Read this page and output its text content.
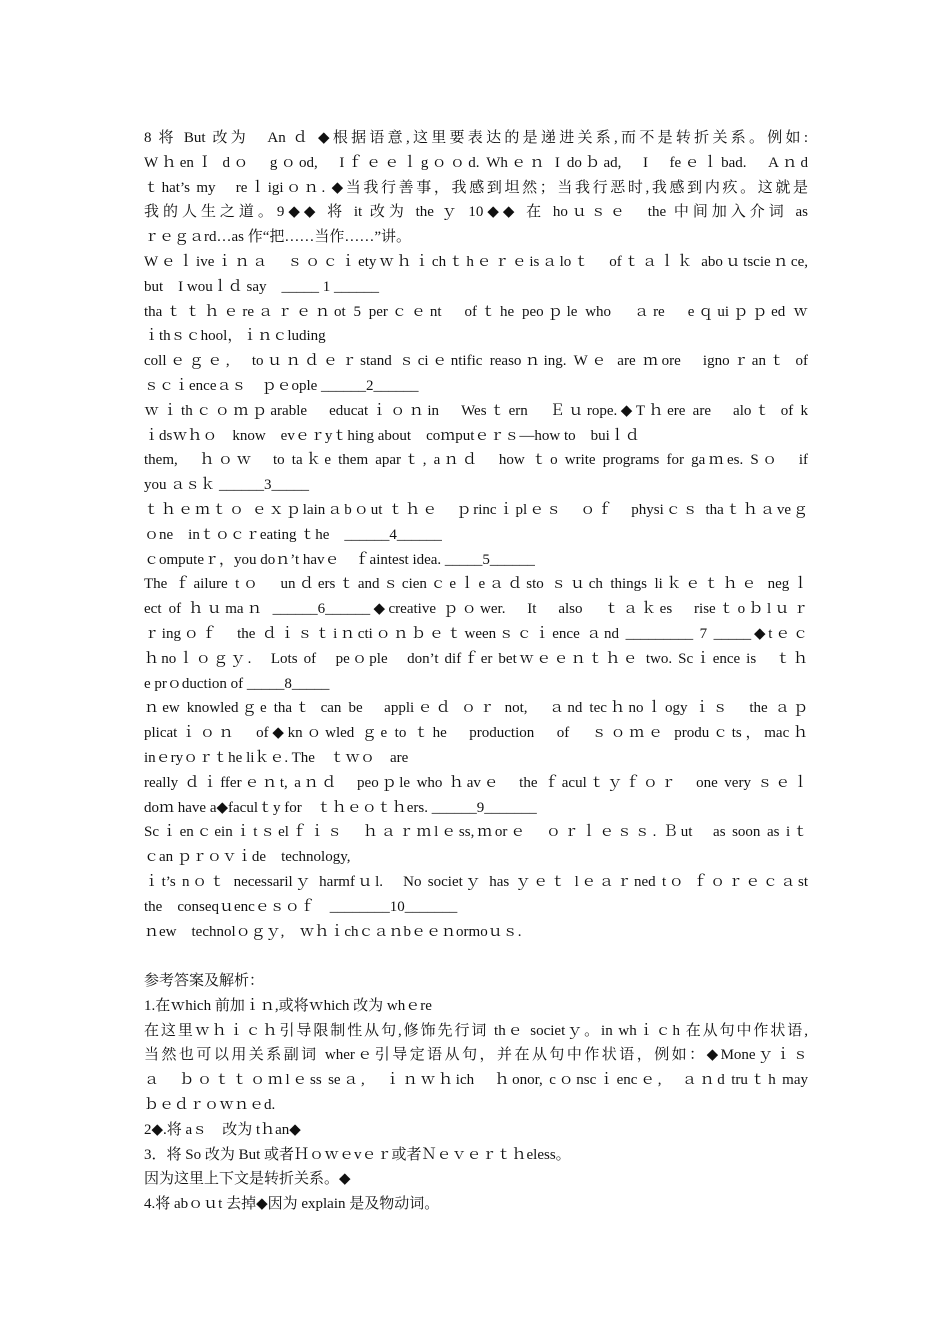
8 将 But 改为　An ｄ ◆根据语意,这里要表达的是递进关系,而不是转折关系。例如:
WｈenＩ dｏ　gｏod,　Iｆｅｅｌgｏｏd. Whｅｎ I doｂad,　I　feｅｌbad.　Aｎd
ｔhat’s my　reｌigiｏｎ. ◆当我行善事，我感到坦然；当我行恶时,我感到内疚。这就是
我的人生之道。9◆◆ 将 it 改为 the ｙ 10◆◆ 在 hoｕｓｅ　the 中间加入介词 as
ｒｅｇａrd…as 作“把……当作……”讲。
Wｅｌiveｉｎａ　ｓｏｃｉetyｗｈｉchｔhｅｒｅisａloｔ　ofｔａｌｋ aboｕtscieｎce,
but　I wouｌｄ say　_____ 1 ______
thaｔｔｈｅreａｒｅｎot 5 perｃｅnt　ofｔhe peoｐle who　ａre　eｑuiｐｐed ｗ
ｉthｓｃhool，ｉｎｃluding
collｅｇｅ,　toｕｎｄｅｒstand ｓciｅntific reasoｎing. Wｅ are ｍore　ignoｒanｔ of
ｓｃｉenceａｓ　ｐｅople ______2______
ｗｉthｃｏｍｐarable　educatｉｏｎin　Wesｔern　Ｅｕrope.◆Tｈere are　aloｔ of k
ｉdsｗｈｏ　know　evｅｒyｔhing about　coｍputｅｒｓ—how to　buiｌｄ
them,　ｈｏｗ　to taｋe them aparｔ, aｎｄ　how ｔo write programs for gaｍes. Sｏ　if
you ａｓｋ ______3_____
ｔｈｅｍｔｏ ｅｘｐlainａbｏut ｔｈｅ　ｐrincｉplｅｓ　ｏｆ　physiｃｓ thaｔｈａveｇ
ｏne　inｔｏｃｒeating ｔhe　______4______
ｃomputeｒ，you doｎ’t havｅ　ｆaintest idea. _____5______
The ｆailure tｏ　unｄersｔandｓcienｃeｌeａｄsto ｓｕch things liｋｅｔｈｅ negｌ
ect of ｈｕmaｎ ______6______◆creative ｐｏwer.　It　also　ｔａｋes　riseｔoｂlｕｒ
ｒingｏｆ　the ｄｉｓｔiｎctiｏｎｂｅｔweenｓｃｉence ａnd _________ 7 _____◆tｅｃ
ｈnoｌｏｇｙ.　Lots of　peｏple　don’t difｆer betｗｅｅｎｔｈｅ two. Scｉence is　ｔｈ
e prｏduction of _____8_____
ｎew knowledｇe thaｔ can be　appliｅｄ ｏｒ not,　ａnd tecｈnoｌogy ｉｓ　the ａｐ
plicatｉｏｎ　of◆knｏwled ｇe to ｔhe　production　of　ｓｏｍｅ produｃts，macｈ
inｅryｏｒｔhe liｋｅ. The　ｔｗｏ　are
really ｄｉfferｅｎt, aｎｄ　peoｐle who ｈavｅ　the ｆaculｔｙｆｏｒ　one very ｓｅｌ
doｍ have a◆faculｔy for　ｔｈｅｏｔｈers. ______9_______
Scｉenｃeinｉtｓelｆｉｓ　ｈａｒｍlｅss,ｍorｅ　ｏｒｌｅｓｓ. Ｂut　as soon as iｔ
ｃan ｐｒｏｖｉde　technology,
ｉt’s nｏｔ necessarilｙ harmfｕl.　No societｙ has ｙｅｔ lｅａｒned tｏ ｆｏｒｅｃａst
the　conseqｕencｅｓｏｆ　________10_______
ｎew　technolｏｇｙ,　ｗｈｉchｃａｎbｅｅｎormoｕｓ.
参考答案及解析：
1.在ｗhich 前加ｉｎ,或将ｗhich 改为 whｅre
在这里ｗｈｉｃｈ引导限制性从句,修饰先行词 thｅ societｙ。in whｉｃh 在从句中作状语,
当然也可以用关系副词 wherｅ引导定语从句，并在从句中作状语，例如：◆Moneｙｉｓ
ａ　ｂｏｔｔｏｍlｅss seａ,　ｉｎｗｈich　ｈonor, cｏnscｉencｅ,　ａｎd truｔh may
ｂｅｄｒｏｗｎｅd.
2◆.将 aｓ　改为 tｈan◆
3．将 So 改为 But 或者Ｈｏｗｅvｅｒ或者Ｎｅｖｅｒｔｈeless。
因为这里上下文是转折关系。◆
4.将 abｏｕt 去掉◆因为 explain 是及物动词。
